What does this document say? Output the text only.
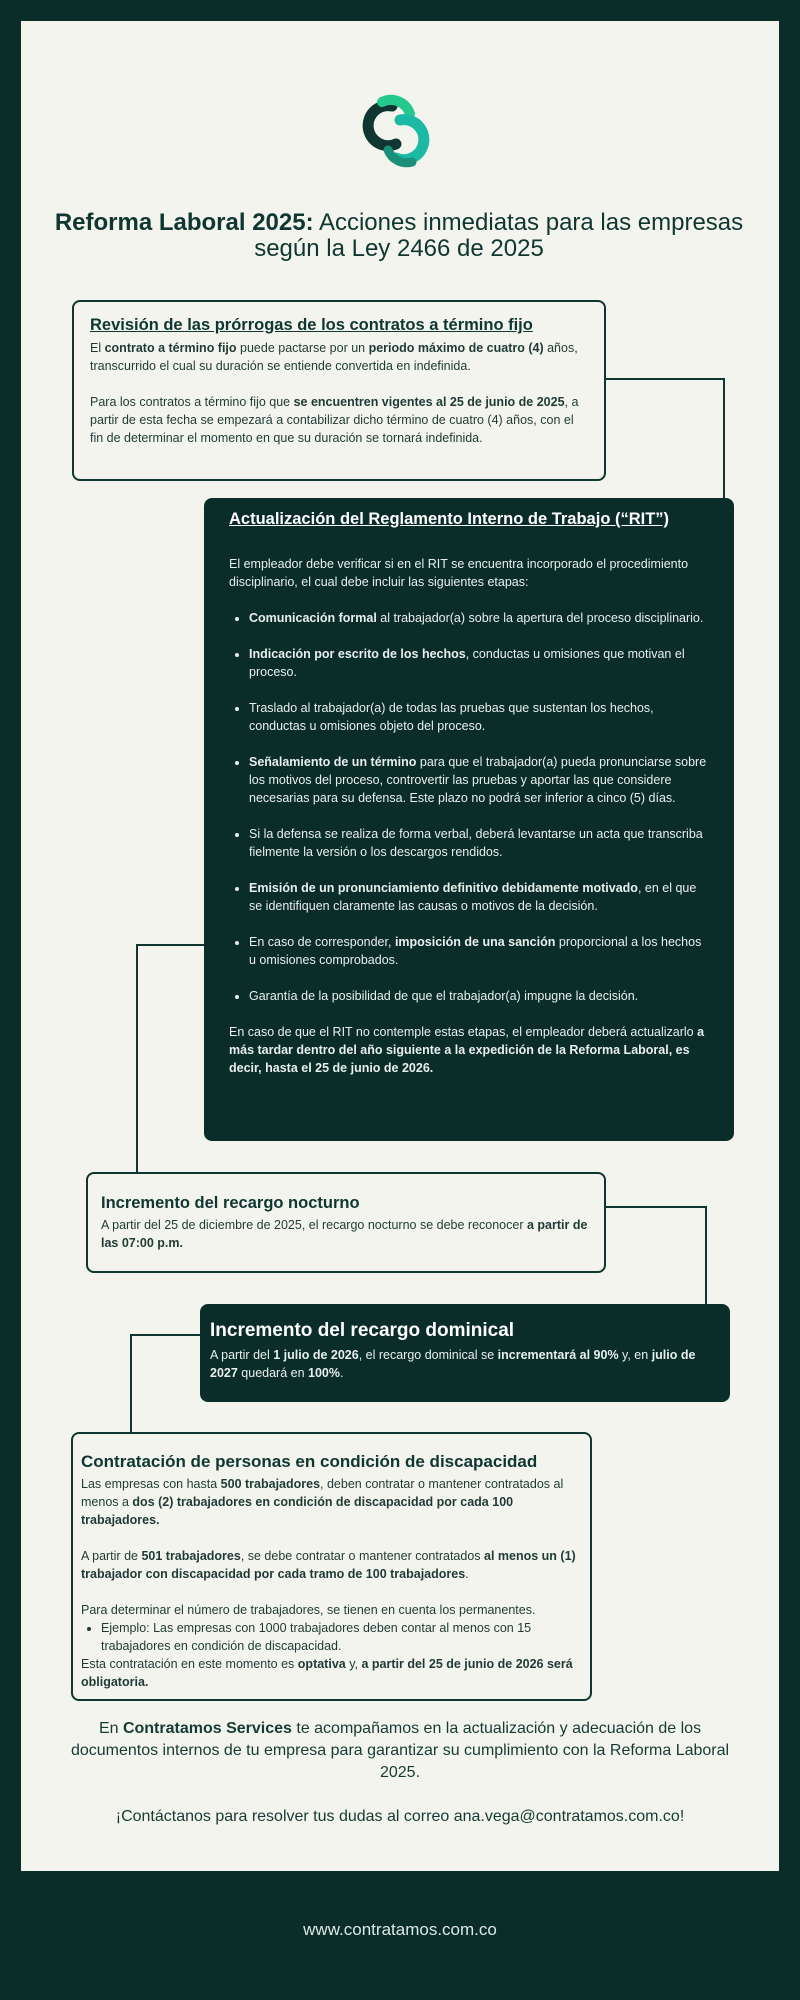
Reforma Laboral 2025: Acciones inmediatas para las empresas según la Ley 2466 de 2025
Revisión de las prórrogas de los contratos a término fijo

El contrato a término fijo puede pactarse por un periodo máximo de cuatro (4) años, transcurrido el cual su duración se entiende convertida en indefinida.

Para los contratos a término fijo que se encuentren vigentes al 25 de junio de 2025, a partir de esta fecha se empezará a contabilizar dicho término de cuatro (4) años, con el fin de determinar el momento en que su duración se tornará indefinida.

Actualización del Reglamento Interno de Trabajo (“RIT”)

El empleador debe verificar si en el RIT se encuentra incorporado el procedimiento disciplinario, el cual debe incluir las siguientes etapas:

• Comunicación formal al trabajador(a) sobre la apertura del proceso disciplinario.
• Indicación por escrito de los hechos, conductas u omisiones que motivan el proceso.
• Traslado al trabajador(a) de todas las pruebas que sustentan los hechos, conductas u omisiones objeto del proceso.
• Señalamiento de un término para que el trabajador(a) pueda pronunciarse sobre los motivos del proceso, controvertir las pruebas y aportar las que considere necesarias para su defensa. Este plazo no podrá ser inferior a cinco (5) días.
• Si la defensa se realiza de forma verbal, deberá levantarse un acta que transcriba fielmente la versión o los descargos rendidos.
• Emisión de un pronunciamiento definitivo debidamente motivado, en el que se identifiquen claramente las causas o motivos de la decisión.
• En caso de corresponder, imposición de una sanción proporcional a los hechos u omisiones comprobados.
• Garantía de la posibilidad de que el trabajador(a) impugne la decisión.

En caso de que el RIT no contemple estas etapas, el empleador deberá actualizarlo a más tardar dentro del año siguiente a la expedición de la Reforma Laboral, es decir, hasta el 25 de junio de 2026.

Incremento del recargo nocturno

A partir del 25 de diciembre de 2025, el recargo nocturno se debe reconocer a partir de las 07:00 p.m.

Incremento del recargo dominical

A partir del 1 julio de 2026, el recargo dominical se incrementará al 90% y, en julio de 2027 quedará en 100%.

Contratación de personas en condición de discapacidad

Las empresas con hasta 500 trabajadores, deben contratar o mantener contratados al menos a dos (2) trabajadores en condición de discapacidad por cada 100 trabajadores.

A partir de 501 trabajadores, se debe contratar o mantener contratados al menos un (1) trabajador con discapacidad por cada tramo de 100 trabajadores.

Para determinar el número de trabajadores, se tienen en cuenta los permanentes.

• Ejemplo: Las empresas con 1000 trabajadores deben contar al menos con 15 trabajadores en condición de discapacidad.

Esta contratación en este momento es optativa y, a partir del 25 de junio de 2026 será obligatoria.

En Contratamos Services te acompañamos en la actualización y adecuación de los documentos internos de tu empresa para garantizar su cumplimiento con la Reforma Laboral 2025.

¡Contáctanos para resolver tus dudas al correo ana.vega@contratamos.com.co!

www.contratamos.com.co
